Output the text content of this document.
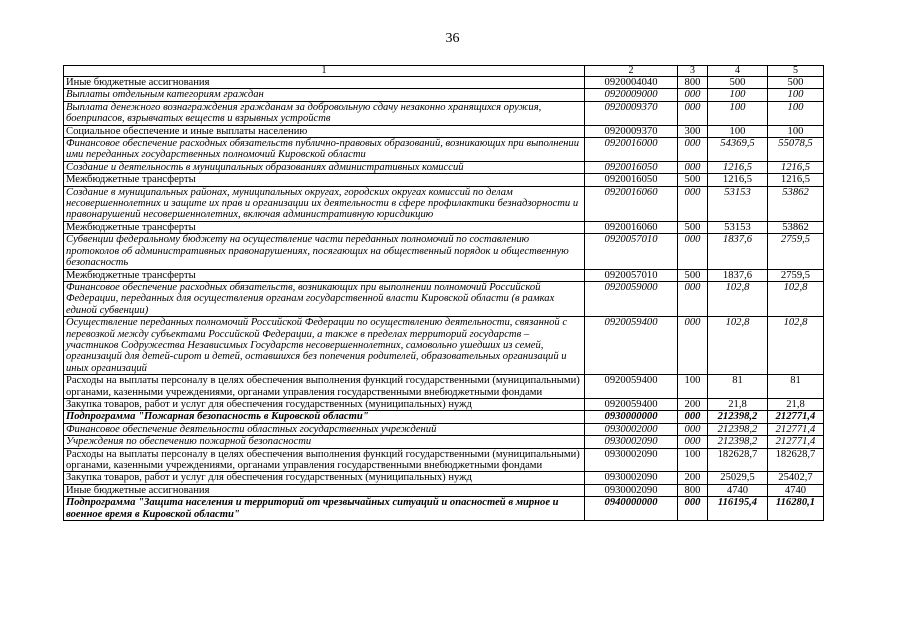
36
1	2	3	4	5
Иные бюджетные ассигнования	0920004040	800	500	500
Выплаты отдельным категориям граждан	0920009000	000	100	100
Выплата денежного вознаграждения гражданам за добровольную сдачу незаконно хранящихся оружия, боеприпасов, взрывчатых веществ и взрывных устройств	0920009370	000	100	100
Социальное обеспечение и иные выплаты населению	0920009370	300	100	100
Финансовое обеспечение расходных обязательств публично-правовых образований, возникающих при выполнении ими переданных государственных полномочий Кировской области	0920016000	000	54369,5	55078,5
Создание и деятельность в муниципальных образованиях административных комиссий	0920016050	000	1216,5	1216,5
Межбюджетные трансферты	0920016050	500	1216,5	1216,5
Создание в муниципальных районах, муниципальных округах, городских округах комиссий по делам несовершеннолетних и защите их прав и организации их деятельности в сфере профилактики безнадзорности и правонарушений несовершеннолетних, включая административную юрисдикцию	0920016060	000	53153	53862
Межбюджетные трансферты	0920016060	500	53153	53862
Субвенции федеральному бюджету на осуществление части переданных полномочий по составлению протоколов об административных правонарушениях, посягающих на общественный порядок и общественную безопасность	0920057010	000	1837,6	2759,5
Межбюджетные трансферты	0920057010	500	1837,6	2759,5
Финансовое обеспечение расходных обязательств, возникающих при выполнении полномочий Российской Федерации, переданных для осуществления органам государственной власти Кировской области (в рамках единой субвенции)	0920059000	000	102,8	102,8
Осуществление переданных полномочий Российской Федерации по осуществлению деятельности, связанной с перевозкой между субъектами Российской Федерации, а также в пределах территорий государств – участников Содружества Независимых Государств несовершеннолетних, самовольно ушедших из семей, организаций для детей-сирот и детей, оставшихся без попечения родителей, образовательных организаций и иных организаций	0920059400	000	102,8	102,8
Расходы на выплаты персоналу в целях обеспечения выполнения функций государственными (муниципальными) органами, казенными учреждениями, органами управления государственными внебюджетными фондами	0920059400	100	81	81
Закупка товаров, работ и услуг для обеспечения государственных (муниципальных) нужд	0920059400	200	21,8	21,8
Подпрограмма "Пожарная безопасность в Кировской области"	0930000000	000	212398,2	212771,4
Финансовое обеспечение деятельности областных государственных учреждений	0930002000	000	212398,2	212771,4
Учреждения по обеспечению пожарной безопасности	0930002090	000	212398,2	212771,4
Расходы на выплаты персоналу в целях обеспечения выполнения функций государственными (муниципальными) органами, казенными учреждениями, органами управления государственными внебюджетными фондами	0930002090	100	182628,7	182628,7
Закупка товаров, работ и услуг для обеспечения государственных (муниципальных) нужд	0930002090	200	25029,5	25402,7
Иные бюджетные ассигнования	0930002090	800	4740	4740
Подпрограмма "Защита населения и территорий от чрезвычайных ситуаций и опасностей в мирное и военное время в Кировской области"	0940000000	000	116195,4	116280,1
